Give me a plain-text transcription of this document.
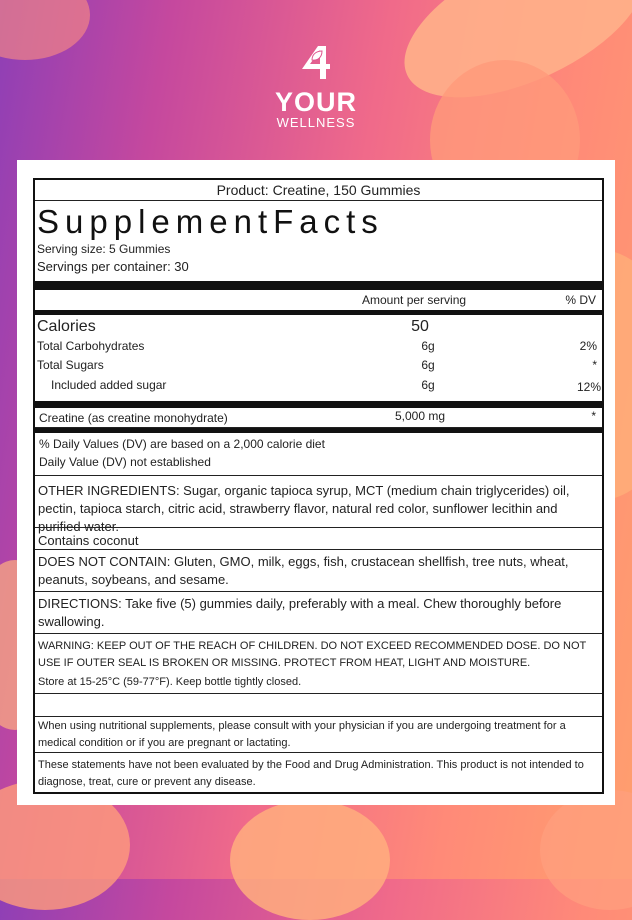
YOUR
WELLNESS
Product: Creatine, 150 Gummies
SupplementFacts
Serving size: 5 Gummies
Servings per container: 30
Amount per serving	% DV
Calories	50
Total Carbohydrates	6g	2%
Total Sugars	6g	*
Included added sugar	6g	12%
Creatine (as creatine monohydrate)	5,000 mg	*
% Daily Values (DV) are based on a 2,000 calorie diet
Daily Value (DV) not established
OTHER INGREDIENTS: Sugar, organic tapioca syrup, MCT (medium chain triglycerides) oil, pectin, tapioca starch, citric acid, strawberry flavor, natural red color, sunflower lecithin and purified water.
Contains coconut
DOES NOT CONTAIN: Gluten, GMO, milk, eggs, fish, crustacean shellfish, tree nuts, wheat, peanuts, soybeans, and sesame.
DIRECTIONS: Take five (5) gummies daily, preferably with a meal. Chew thoroughly before swallowing.
WARNING: KEEP OUT OF THE REACH OF CHILDREN. DO NOT EXCEED RECOMMENDED DOSE. DO NOT USE IF OUTER SEAL IS BROKEN OR MISSING. PROTECT FROM HEAT, LIGHT AND MOISTURE.
Store at 15-25°C (59-77°F). Keep bottle tightly closed.
When using nutritional supplements, please consult with your physician if you are undergoing treatment for a medical condition or if you are pregnant or lactating.
These statements have not been evaluated by the Food and Drug Administration. This product is not intended to diagnose, treat, cure or prevent any disease.
